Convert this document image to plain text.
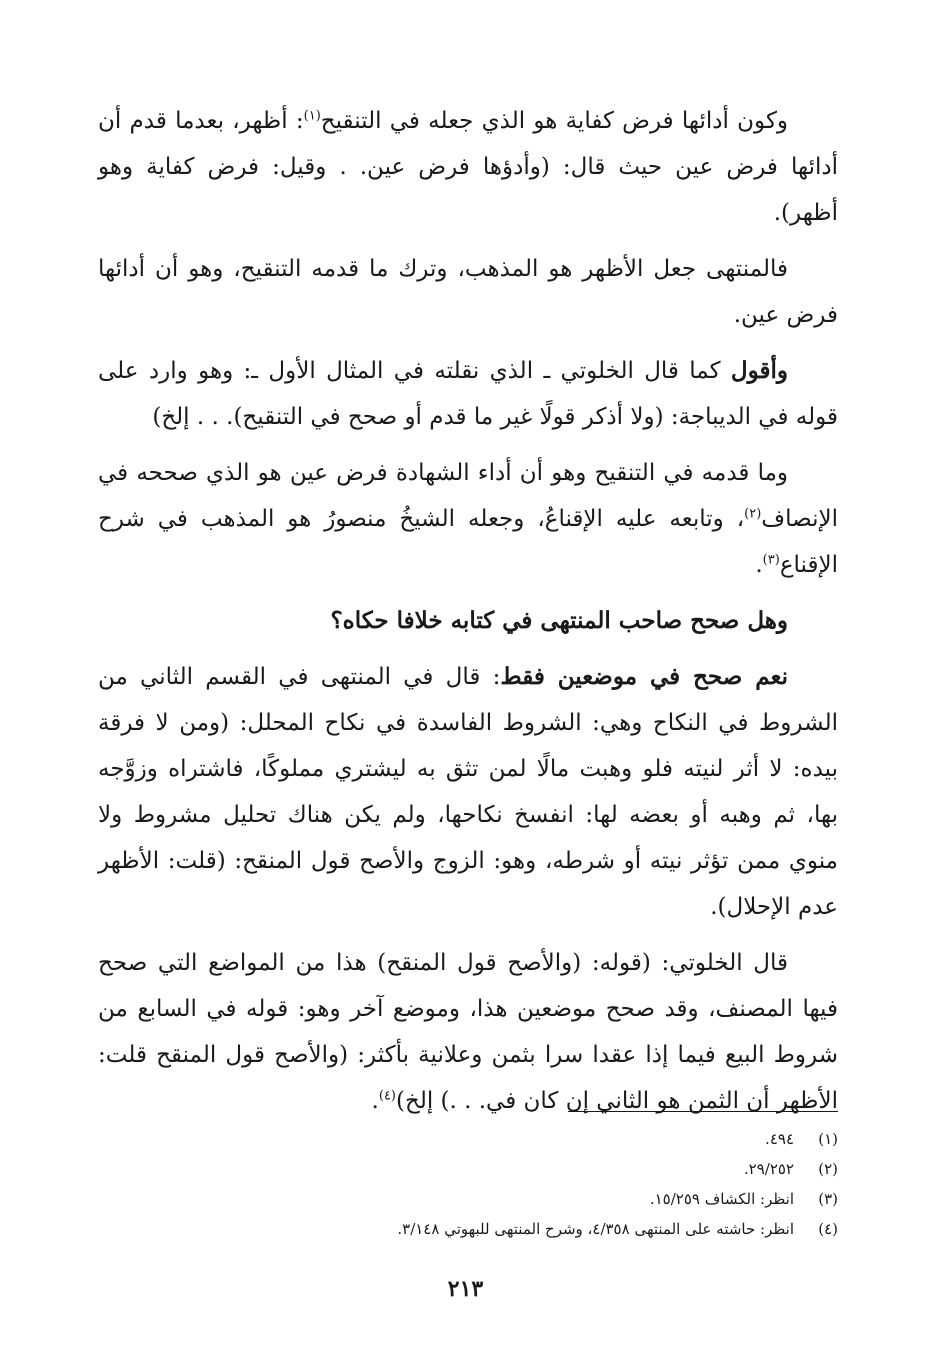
وكون أدائها فرض كفاية هو الذي جعله في التنقيح$^{(١)}$: أظهر، بعدما قدم أن أدائها فرض عين حيث قال: (وأدؤها فرض عين. . وقيل: فرض كفاية وهو أظهر).

فالمنتهى جعل الأظهر هو المذهب، وترك ما قدمه التنقيح، وهو أن أدائها فرض عين.

وأقول كما قال الخلوتي ـ الذي نقلته في المثال الأول ـ: وهو وارد على قوله في الديباجة: (ولا أذكر قولًا غير ما قدم أو صحح في التنقيح). . . إلخ)

وما قدمه في التنقيح وهو أن أداء الشهادة فرض عين هو الذي صححه في الإنصاف$^{(٢)}$، وتابعه عليه الإقناعُ، وجعله الشيخُ منصورُ هو المذهب في شرح الإقناع$^{(٣)}$.

وهل صحح صاحب المنتهى في كتابه خلافا حكاه؟

نعم صحح في موضعين فقط: قال في المنتهى في القسم الثاني من الشروط في النكاح وهي: الشروط الفاسدة في نكاح المحلل: (ومن لا فرقة بيده: لا أثر لنيته فلو وهبت مالًا لمن تثق به ليشتري مملوكًا، فاشتراه وزوَّجه بها، ثم وهبه أو بعضه لها: انفسخ نكاحها، ولم يكن هناك تحليل مشروط ولا منوي ممن تؤثر نيته أو شرطه، وهو: الزوج والأصح قول المنقح: (قلت: الأظهر عدم الإحلال).

قال الخلوتي: (قوله: (والأصح قول المنقح) هذا من المواضع التي صحح فيها المصنف، وقد صحح موضعين هذا، وموضع آخر وهو: قوله في السابع من شروط البيع فيما إذا عقدا سرا بثمن وعلانية بأكثر: (والأصح قول المنقح قلت: الأظهر أن الثمن هو الثاني إن كان في. . .) إلخ)$^{(٤)}$.

(١)
٤٩٤.
(٢)
٢٩/٢٥٢.
(٣)
انظر: الكشاف ١٥/٢٥٩.
(٤)
انظر: حاشته على المنتهى ٤/٣٥٨، وشرح المنتهى للبهوتي ٣/١٤٨.
٢١٣
